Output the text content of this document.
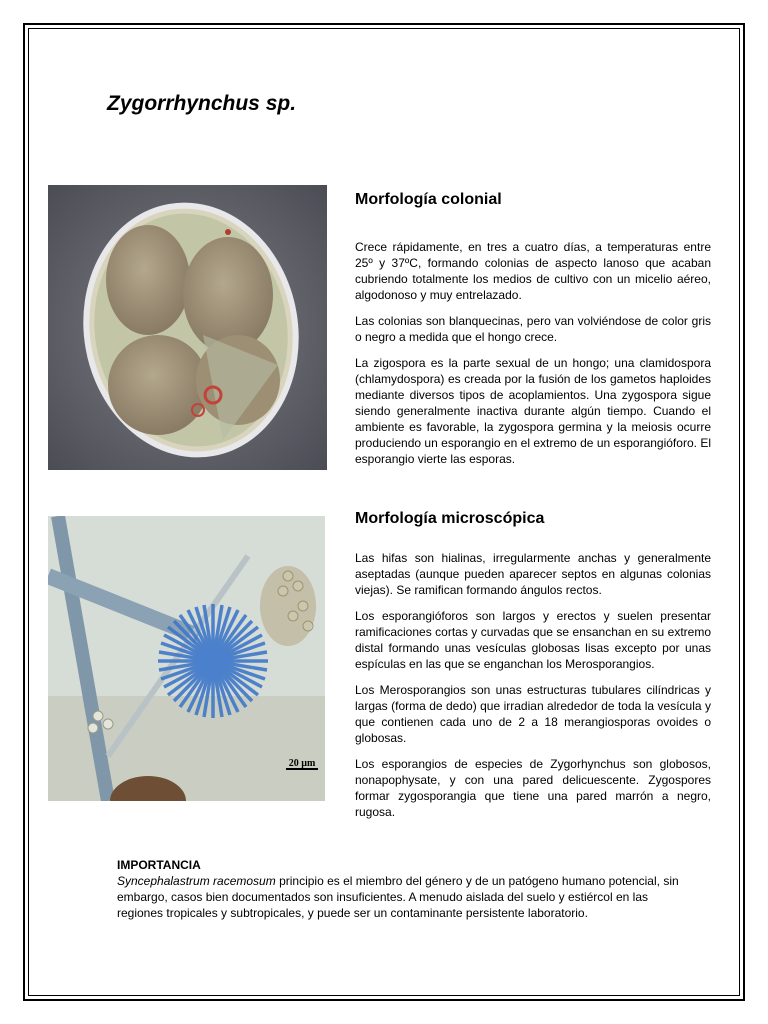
Zygorrhynchus sp.
20 µm
Morfología colonial

Crece rápidamente, en tres a cuatro días, a temperaturas entre 25º y 37ºC, formando colonias de aspecto lanoso que acaban cubriendo totalmente los medios de cultivo con un micelio aéreo, algodonoso y muy entrelazado.

Las colonias son blanquecinas, pero van volviéndose de color gris o negro a medida que el hongo crece.

La zigospora es la parte sexual de un hongo; una clamidospora (chlamydospora) es creada por la fusión de los gametos haploides mediante diversos tipos de acoplamientos. Una zygospora sigue siendo generalmente inactiva durante algún tiempo. Cuando el ambiente es favorable, la zygospora germina y la meiosis ocurre produciendo un esporangio en el extremo de un esporangióforo. El esporangio vierte las esporas.

Morfología microscópica

Las hifas son hialinas, irregularmente anchas y generalmente aseptadas (aunque pueden aparecer septos en algunas colonias viejas). Se ramifican formando ángulos rectos.

Los esporangióforos son largos y erectos y suelen presentar ramificaciones cortas y curvadas que se ensanchan en su extremo distal formando unas vesículas globosas lisas excepto por unas espículas en las que se enganchan los Merosporangios.

Los Merosporangios son unas estructuras tubulares cilíndricas y largas (forma de dedo) que irradian alrededor de toda la vesícula y que contienen cada uno de 2 a 18 merangiosporas ovoides o globosas.

Los esporangios de especies de Zygorhynchus son globosos, nonapophysate, y con una pared delicuescente. Zygospores formar zygosporangia que tiene una pared marrón a negro, rugosa.

IMPORTANCIA
Syncephalastrum racemosum principio es el miembro del género y de un patógeno humano potencial, sin embargo, casos bien documentados son insuficientes. A menudo aislada del suelo y estiércol en las regiones tropicales y subtropicales, y puede ser un contaminante persistente laboratorio.
